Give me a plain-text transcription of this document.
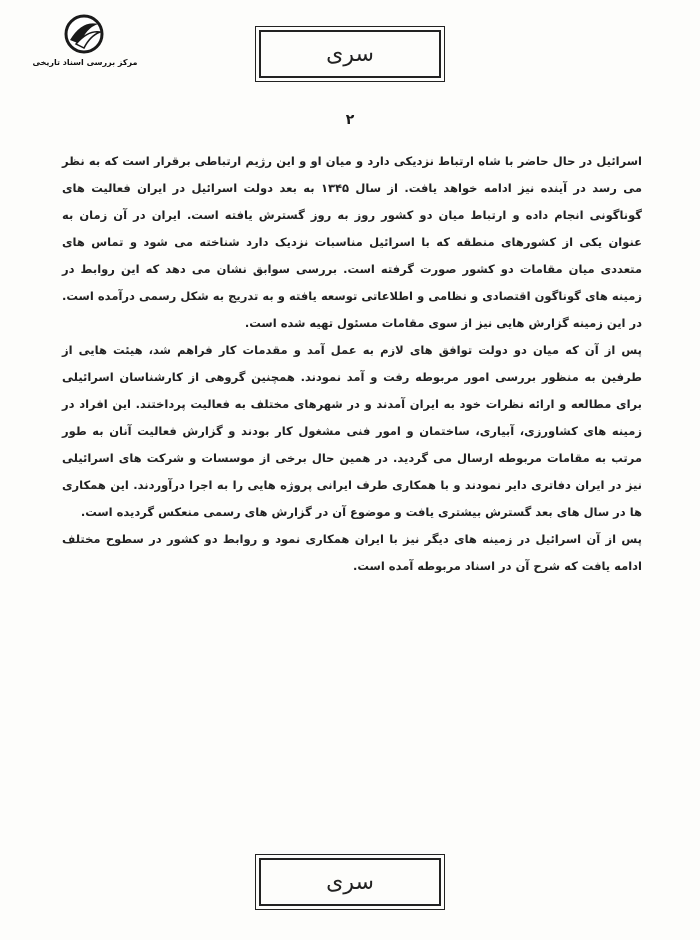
مرکز بررسی اسناد تاریخی	سری
۲

اسرائیل در حال حاضر با شاه ارتباط نزدیکی دارد و میان او و این رژیم ارتباطی برقرار است که به نظر می رسد در آینده نیز ادامه خواهد یافت. از سال ۱۳۴۵ به بعد دولت اسرائیل در ایران فعالیت های گوناگونی انجام داده و ارتباط میان دو کشور روز به روز گسترش یافته است. ایران در آن زمان به عنوان یکی از کشورهای منطقه که با اسرائیل مناسبات نزدیک دارد شناخته می شود و تماس های متعددی میان مقامات دو کشور صورت گرفته است. بررسی سوابق نشان می دهد که این روابط در زمینه های گوناگون اقتصادی و نظامی و اطلاعاتی توسعه یافته و به تدریج به شکل رسمی درآمده است. در این زمینه گزارش هایی نیز از سوی مقامات مسئول تهیه شده است.

پس از آن که میان دو دولت توافق های لازم به عمل آمد و مقدمات کار فراهم شد، هیئت هایی از طرفین به منظور بررسی امور مربوطه رفت و آمد نمودند. همچنین گروهی از کارشناسان اسرائیلی برای مطالعه و ارائه نظرات خود به ایران آمدند و در شهرهای مختلف به فعالیت پرداختند. این افراد در زمینه های کشاورزی، آبیاری، ساختمان و امور فنی مشغول کار بودند و گزارش فعالیت آنان به طور مرتب به مقامات مربوطه ارسال می گردید. در همین حال برخی از موسسات و شرکت های اسرائیلی نیز در ایران دفاتری دایر نمودند و با همکاری طرف ایرانی پروژه هایی را به اجرا درآوردند. این همکاری ها در سال های بعد گسترش بیشتری یافت و موضوع آن در گزارش های رسمی منعکس گردیده است.

پس از آن اسرائیل در زمینه های دیگر نیز با ایران همکاری نمود و روابط دو کشور در سطوح مختلف ادامه یافت که شرح آن در اسناد مربوطه آمده است.

سری
